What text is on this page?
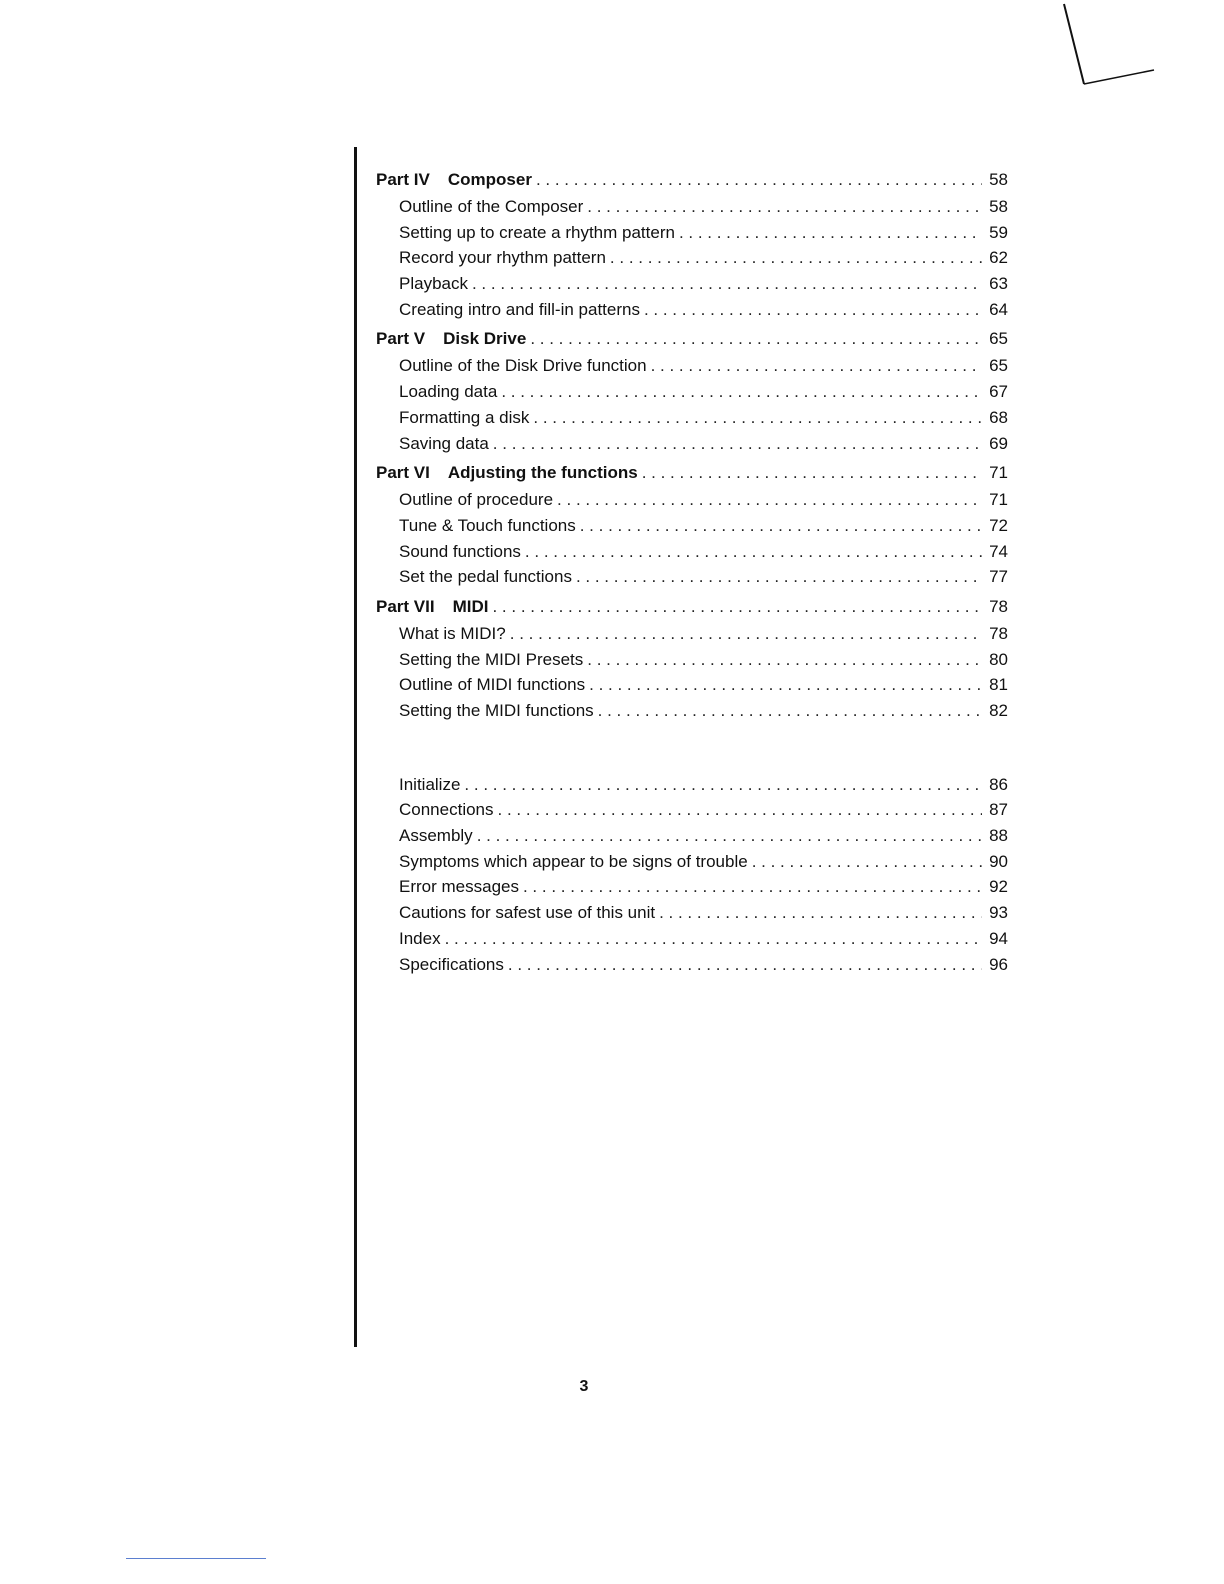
Part IV Composer . . .	58
Outline of the Composer . . .	58
Setting up to create a rhythm pattern . . .	59
Record your rhythm pattern . . .	62
Playback . . .	63
Creating intro and fill-in patterns . . .	64
Part V Disk Drive . . .	65
Outline of the Disk Drive function . . .	65
Loading data . . .	67
Formatting a disk . . .	68
Saving data . . .	69
Part VI Adjusting the functions . . .	71
Outline of procedure . . .	71
Tune & Touch functions . . .	72
Sound functions . . .	74
Set the pedal functions . . .	77
Part VII MIDI . . .	78
What is MIDI? . . .	78
Setting the MIDI Presets . . .	80
Outline of MIDI functions . . .	81
Setting the MIDI functions . . .	82
Initialize . . .	86
Connections . . .	87
Assembly . . .	88
Symptoms which appear to be signs of trouble . . .	90
Error messages . . .	92
Cautions for safest use of this unit . . .	93
Index . . .	94
Specifications . . .	96
3
